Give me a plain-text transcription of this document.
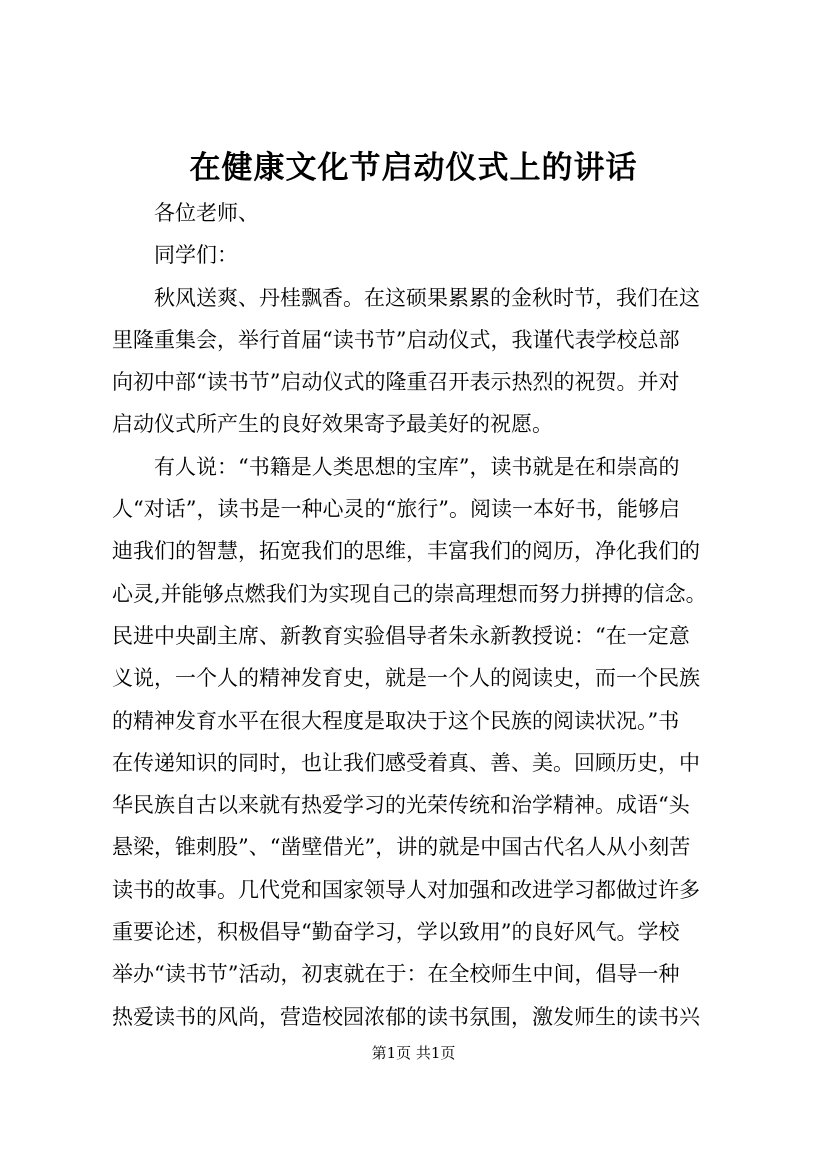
在健康文化节启动仪式上的讲话
各位老师、
同学们：
秋风送爽、丹桂飘香。在这硕果累累的金秋时节，我们在这
里隆重集会，举行首届“读书节”启动仪式，我谨代表学校总部
向初中部“读书节”启动仪式的隆重召开表示热烈的祝贺。并对
启动仪式所产生的良好效果寄予最美好的祝愿。
有人说：“书籍是人类思想的宝库”，读书就是在和崇高的
人“对话”，读书是一种心灵的“旅行”。阅读一本好书，能够启
迪我们的智慧，拓宽我们的思维，丰富我们的阅历，净化我们的
心灵,并能够点燃我们为实现自己的崇高理想而努力拼搏的信念。
民进中央副主席、新教育实验倡导者朱永新教授说：“在一定意
义说，一个人的精神发育史，就是一个人的阅读史，而一个民族
的精神发育水平在很大程度是取决于这个民族的阅读状况。”书
在传递知识的同时，也让我们感受着真、善、美。回顾历史，中
华民族自古以来就有热爱学习的光荣传统和治学精神。成语“头
悬梁，锥刺股”、“凿壁借光”，讲的就是中国古代名人从小刻苦
读书的故事。几代党和国家领导人对加强和改进学习都做过许多
重要论述，积极倡导“勤奋学习，学以致用”的良好风气。学校
举办“读书节”活动，初衷就在于：在全校师生中间，倡导一种
热爱读书的风尚，营造校园浓郁的读书氛围，激发师生的读书兴
第1页 共1页
